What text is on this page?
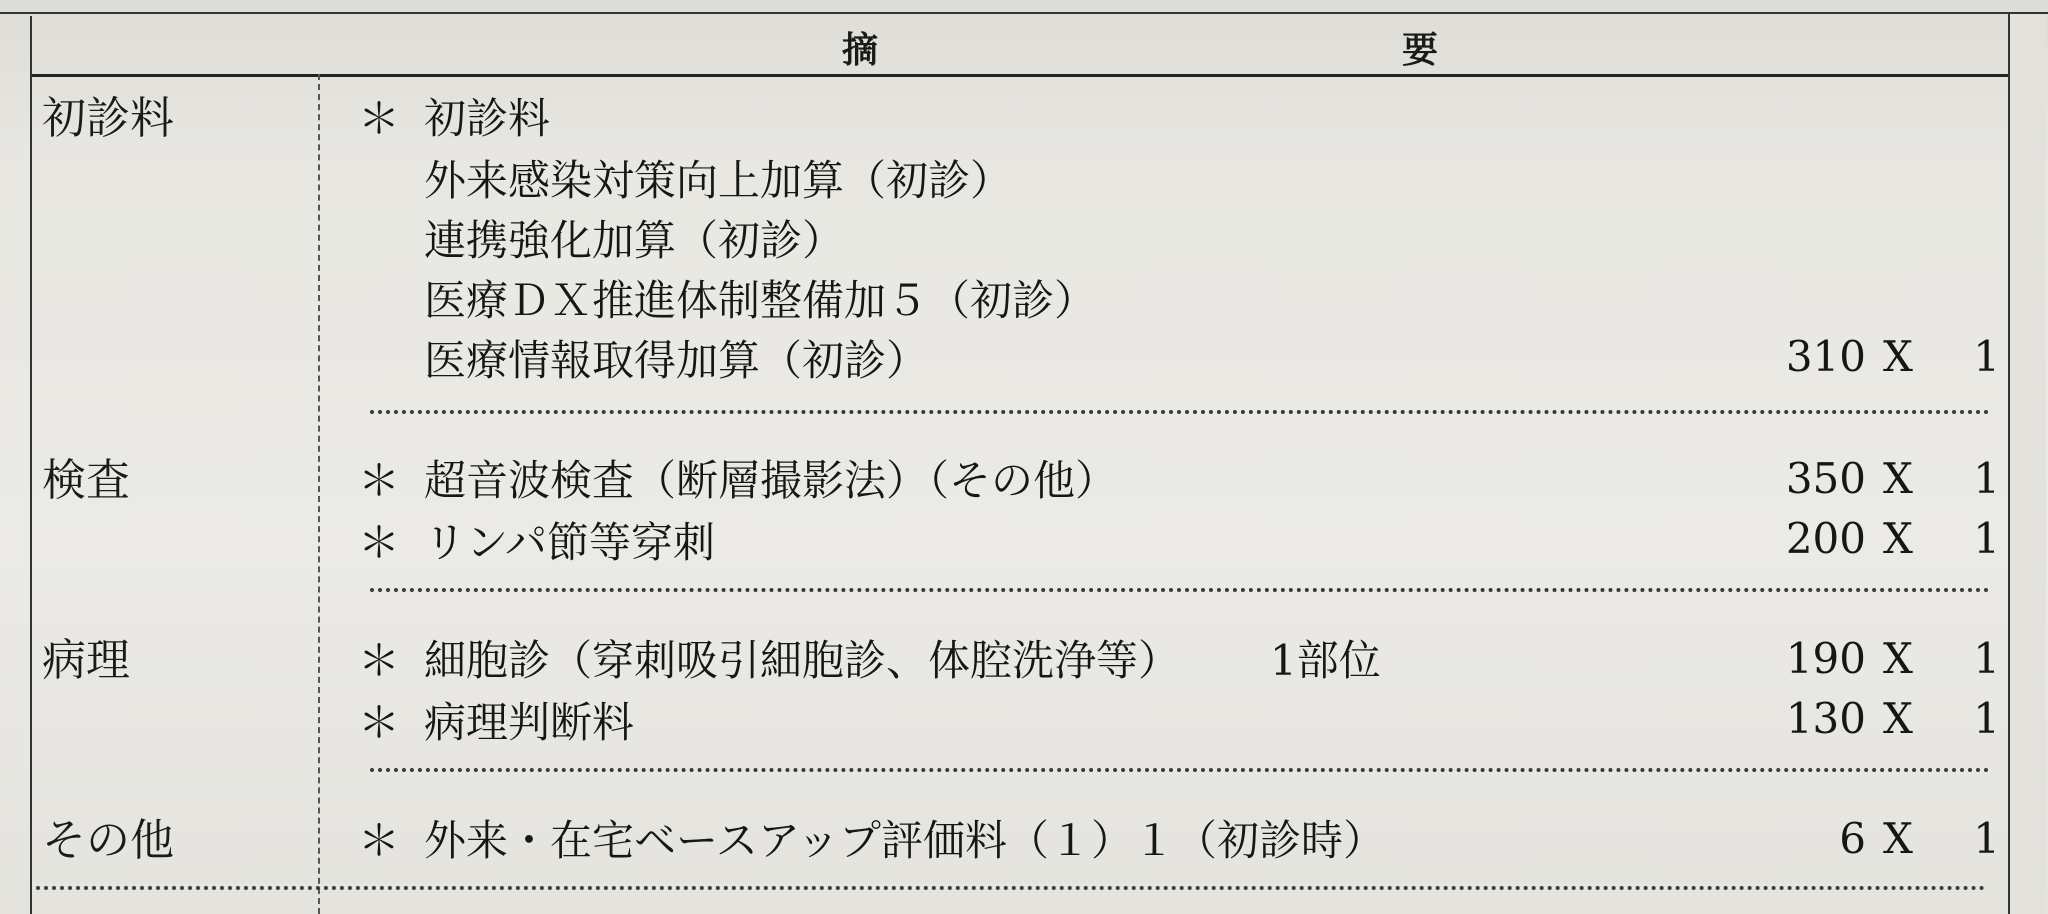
摘	要
初診料	＊ 初診料
外来感染対策向上加算（初診）
連携強化加算（初診）
医療ＤＸ推進体制整備加５（初診）
医療情報取得加算（初診）	310 X 1
検査	＊ 超音波検査（断層撮影法）（その他）	350 X 1
＊ リンパ節等穿刺	200 X 1
病理	＊ 細胞診（穿刺吸引細胞診、体腔洗浄等） 1部位	190 X 1
＊ 病理判断料	130 X 1
その他	＊ 外来・在宅ベースアップ評価料（１）１（初診時）	6 X 1
